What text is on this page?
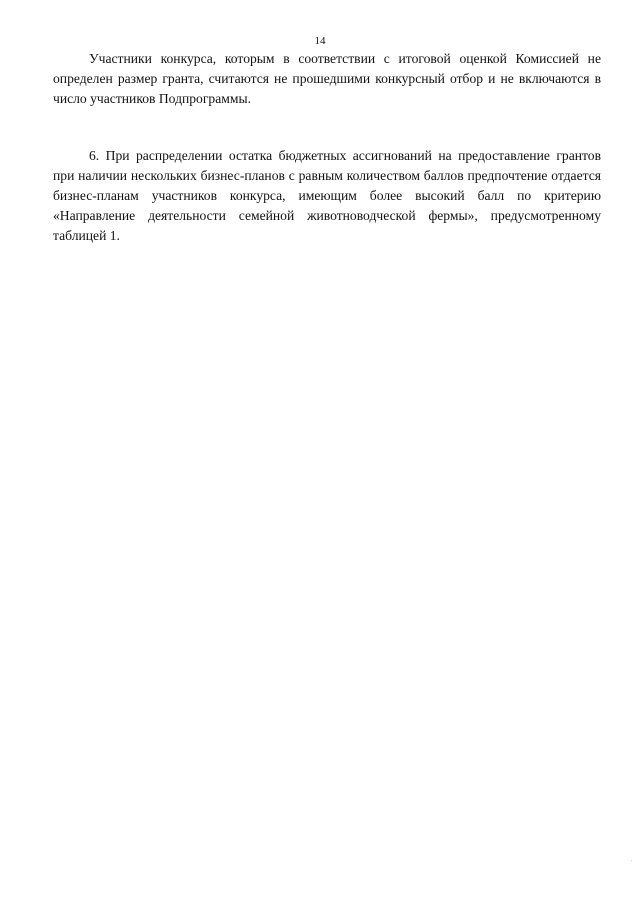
14

Участники конкурса, которым в соответствии с итоговой оценкой Комиссией не определен размер гранта, считаются не прошедшими конкурсный отбор и не включаются в число участников Подпрограммы.

6. При распределении остатка бюджетных ассигнований на предоставление грантов при наличии нескольких бизнес-планов с равным количеством баллов предпочтение отдается бизнес-планам участников конкурса, имеющим более высокий балл по критерию «Направление деятельности семейной животноводческой фермы», предусмотренному таблицей 1.
